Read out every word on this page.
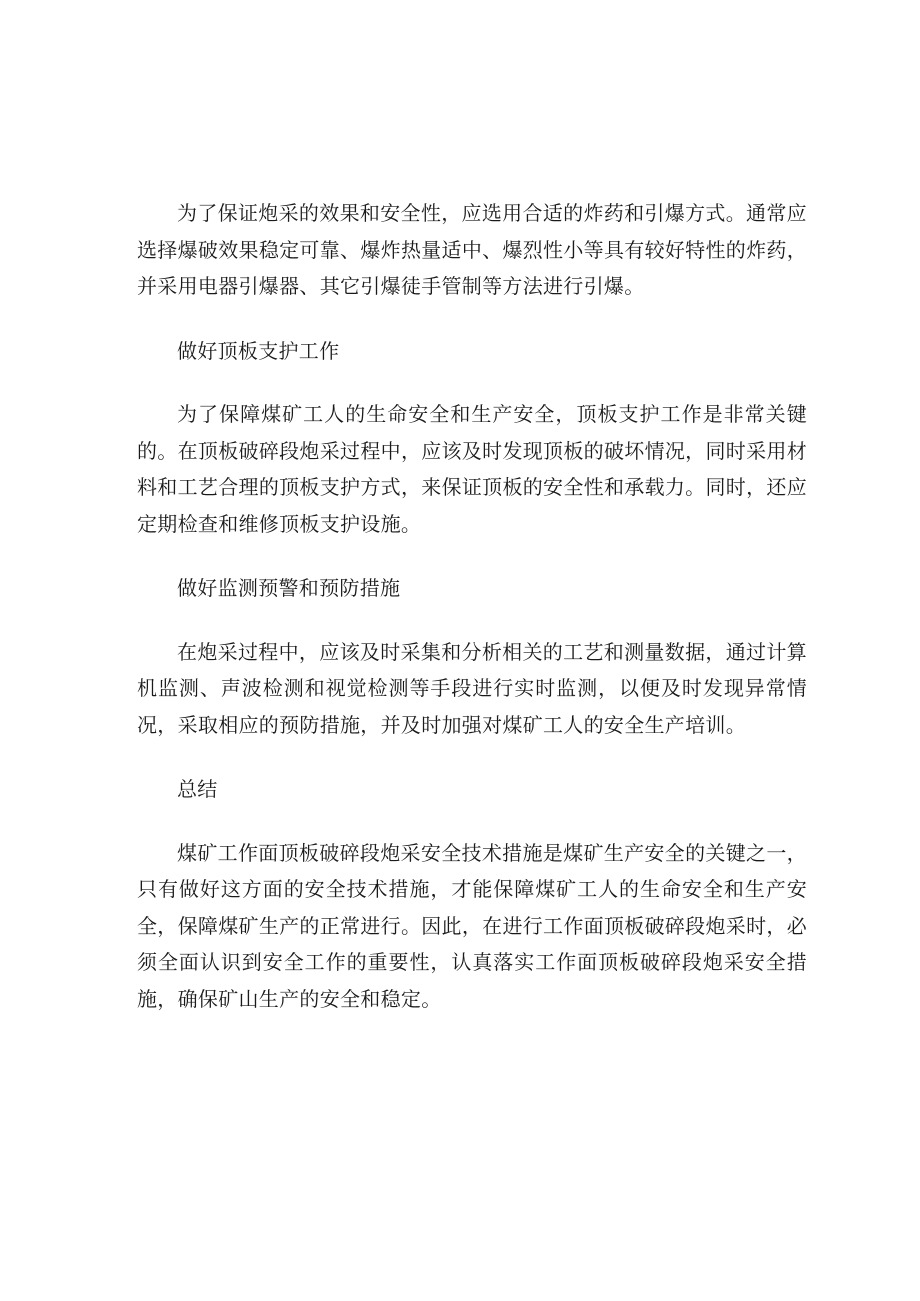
为了保证炮采的效果和安全性，应选用合适的炸药和引爆方式。通常应选择爆破效果稳定可靠、爆炸热量适中、爆烈性小等具有较好特性的炸药，并采用电器引爆器、其它引爆徒手管制等方法进行引爆。

做好顶板支护工作

为了保障煤矿工人的生命安全和生产安全，顶板支护工作是非常关键的。在顶板破碎段炮采过程中，应该及时发现顶板的破坏情况，同时采用材料和工艺合理的顶板支护方式，来保证顶板的安全性和承载力。同时，还应定期检查和维修顶板支护设施。

做好监测预警和预防措施

在炮采过程中，应该及时采集和分析相关的工艺和测量数据，通过计算机监测、声波检测和视觉检测等手段进行实时监测，以便及时发现异常情况，采取相应的预防措施，并及时加强对煤矿工人的安全生产培训。

总结

煤矿工作面顶板破碎段炮采安全技术措施是煤矿生产安全的关键之一，只有做好这方面的安全技术措施，才能保障煤矿工人的生命安全和生产安全，保障煤矿生产的正常进行。因此，在进行工作面顶板破碎段炮采时，必须全面认识到安全工作的重要性，认真落实工作面顶板破碎段炮采安全措施，确保矿山生产的安全和稳定。
